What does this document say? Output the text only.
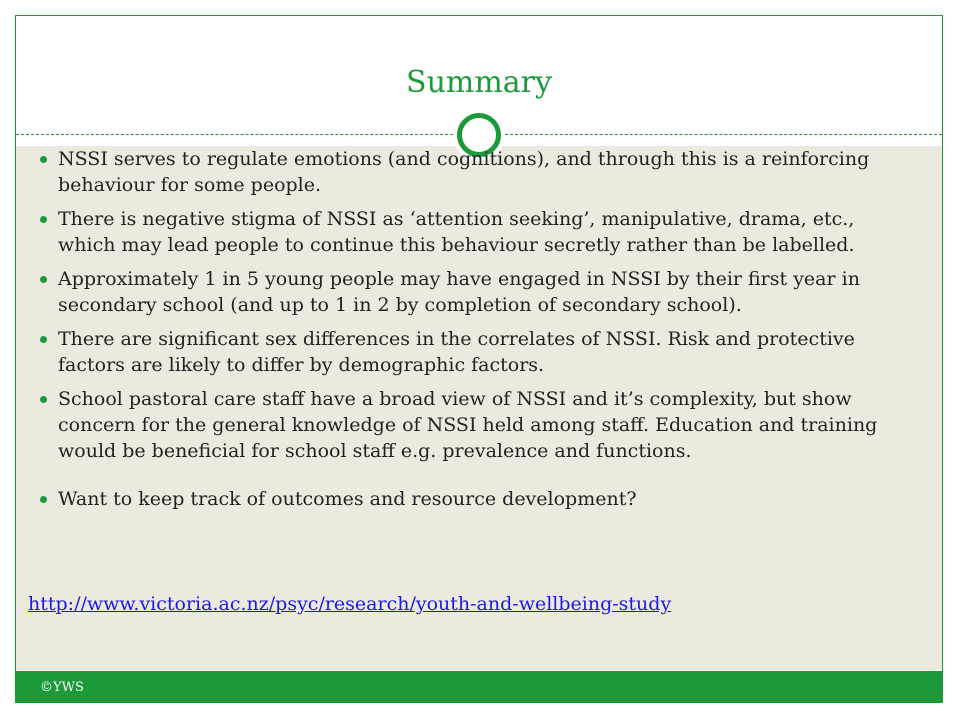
Summary
©YWS
NSSI serves to regulate emotions (and cognitions), and through this is a reinforcing behaviour for some people.
There is negative stigma of NSSI as ‘attention seeking’, manipulative, drama, etc., which may lead people to continue this behaviour secretly rather than be labelled.
Approximately 1 in 5 young people may have engaged in NSSI by their first year in secondary school (and up to 1 in 2 by completion of secondary school).
There are significant sex differences in the correlates of NSSI. Risk and protective factors are likely to differ by demographic factors.
School pastoral care staff have a broad view of NSSI and it’s complexity, but show concern for the general knowledge of NSSI held among staff. Education and training would be beneficial for school staff e.g. prevalence and functions.
Want to keep track of outcomes and resource development?
http://www.victoria.ac.nz/psyc/research/youth-and-wellbeing-study
